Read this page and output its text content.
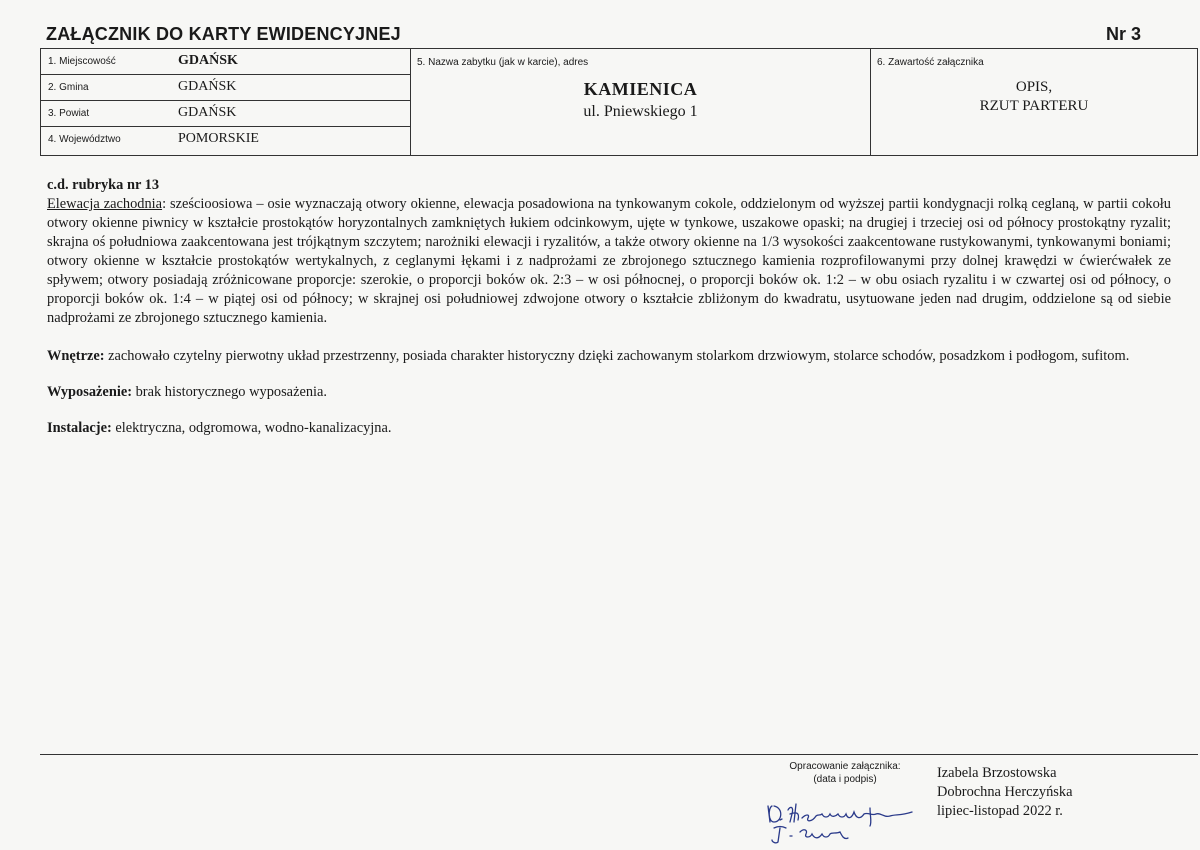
ZAŁĄCZNIK DO KARTY EWIDENCYJNEJ	Nr 3
1. Miejscowość	GDAŃSK
2. Gmina	GDAŃSK
3. Powiat	GDAŃSK
4. Województwo	POMORSKIE
5. Nazwa zabytku (jak w karcie), adres
KAMIENICA
ul. Pniewskiego 1
6. Zawartość załącznika
OPIS,
RZUT PARTERU
c.d. rubryka nr 13

Elewacja zachodnia: sześcioosiowa – osie wyznaczają otwory okienne, elewacja posadowiona na tynkowanym cokole, oddzielonym od wyższej partii kondygnacji rolką ceglaną, w partii cokołu otwory okienne piwnicy w kształcie prostokątów horyzontalnych zamkniętych łukiem odcinkowym, ujęte w tynkowe, uszakowe opaski; na drugiej i trzeciej osi od północy prostokątny ryzalit; skrajna oś południowa zaakcentowana jest trójkątnym szczytem; narożniki elewacji i ryzalitów, a także otwory okienne na 1/3 wysokości zaakcentowane rustykowanymi, tynkowanymi boniami; otwory okienne w kształcie prostokątów wertykalnych, z ceglanymi łękami i z nadprożami ze zbrojonego sztucznego kamienia rozprofilowanymi przy dolnej krawędzi w ćwierćwałek ze spływem; otwory posiadają zróżnicowane proporcje: szerokie, o proporcji boków ok. 2:3 – w osi północnej, o proporcji boków ok. 1:2 – w obu osiach ryzalitu i w czwartej osi od północy, o proporcji boków ok. 1:4 – w piątej osi od północy; w skrajnej osi południowej zdwojone otwory o kształcie zbliżonym do kwadratu, usytuowane jeden nad drugim, oddzielone są od siebie nadprożami ze zbrojonego sztucznego kamienia.

Wnętrze: zachowało czytelny pierwotny układ przestrzenny, posiada charakter historyczny dzięki zachowanym stolarkom drzwiowym, stolarce schodów, posadzkom i podłogom, sufitom.

Wyposażenie: brak historycznego wyposażenia.

Instalacje: elektryczna, odgromowa, wodno-kanalizacyjna.

Opracowanie załącznika:
(data i podpis)	Izabela Brzostowska
Dobrochna Herczyńska
lipiec-listopad 2022 r.
